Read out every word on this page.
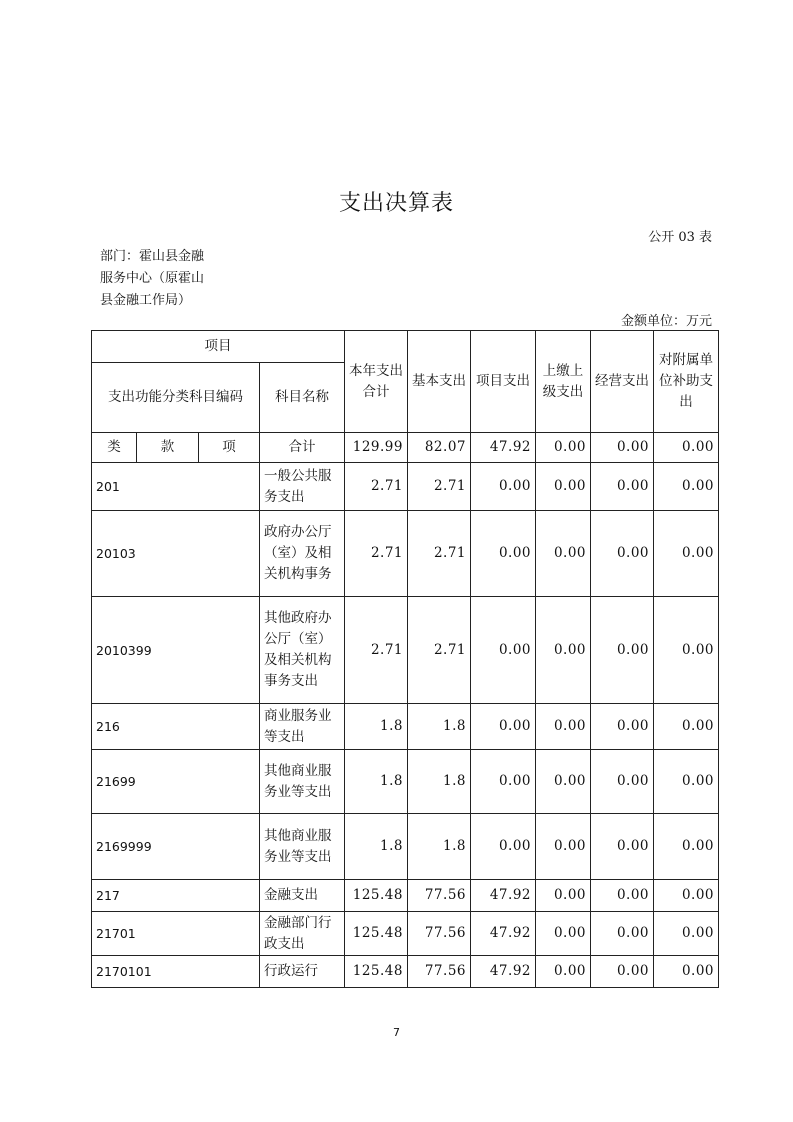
支出决算表
公开 03 表
部门：霍山县金融服务中心（原霍山县金融工作局）
金额单位：万元
项目				本年支出合计	基本支出	项目支出	上缴上级支出	经营支出	对附属单位补助支出
支出功能分类科目编码			科目名称						
类	款	项	合计	129.99	82.07	47.92	0.00	0.00	0.00
201			一般公共服务支出	2.71	2.71	0.00	0.00	0.00	0.00
20103			政府办公厅（室）及相关机构事务	2.71	2.71	0.00	0.00	0.00	0.00
2010399			其他政府办公厅（室）及相关机构事务支出	2.71	2.71	0.00	0.00	0.00	0.00
216			商业服务业等支出	1.8	1.8	0.00	0.00	0.00	0.00
21699			其他商业服务业等支出	1.8	1.8	0.00	0.00	0.00	0.00
2169999			其他商业服务业等支出	1.8	1.8	0.00	0.00	0.00	0.00
217			金融支出	125.48	77.56	47.92	0.00	0.00	0.00
21701			金融部门行政支出	125.48	77.56	47.92	0.00	0.00	0.00
2170101			行政运行	125.48	77.56	47.92	0.00	0.00	0.00
7
